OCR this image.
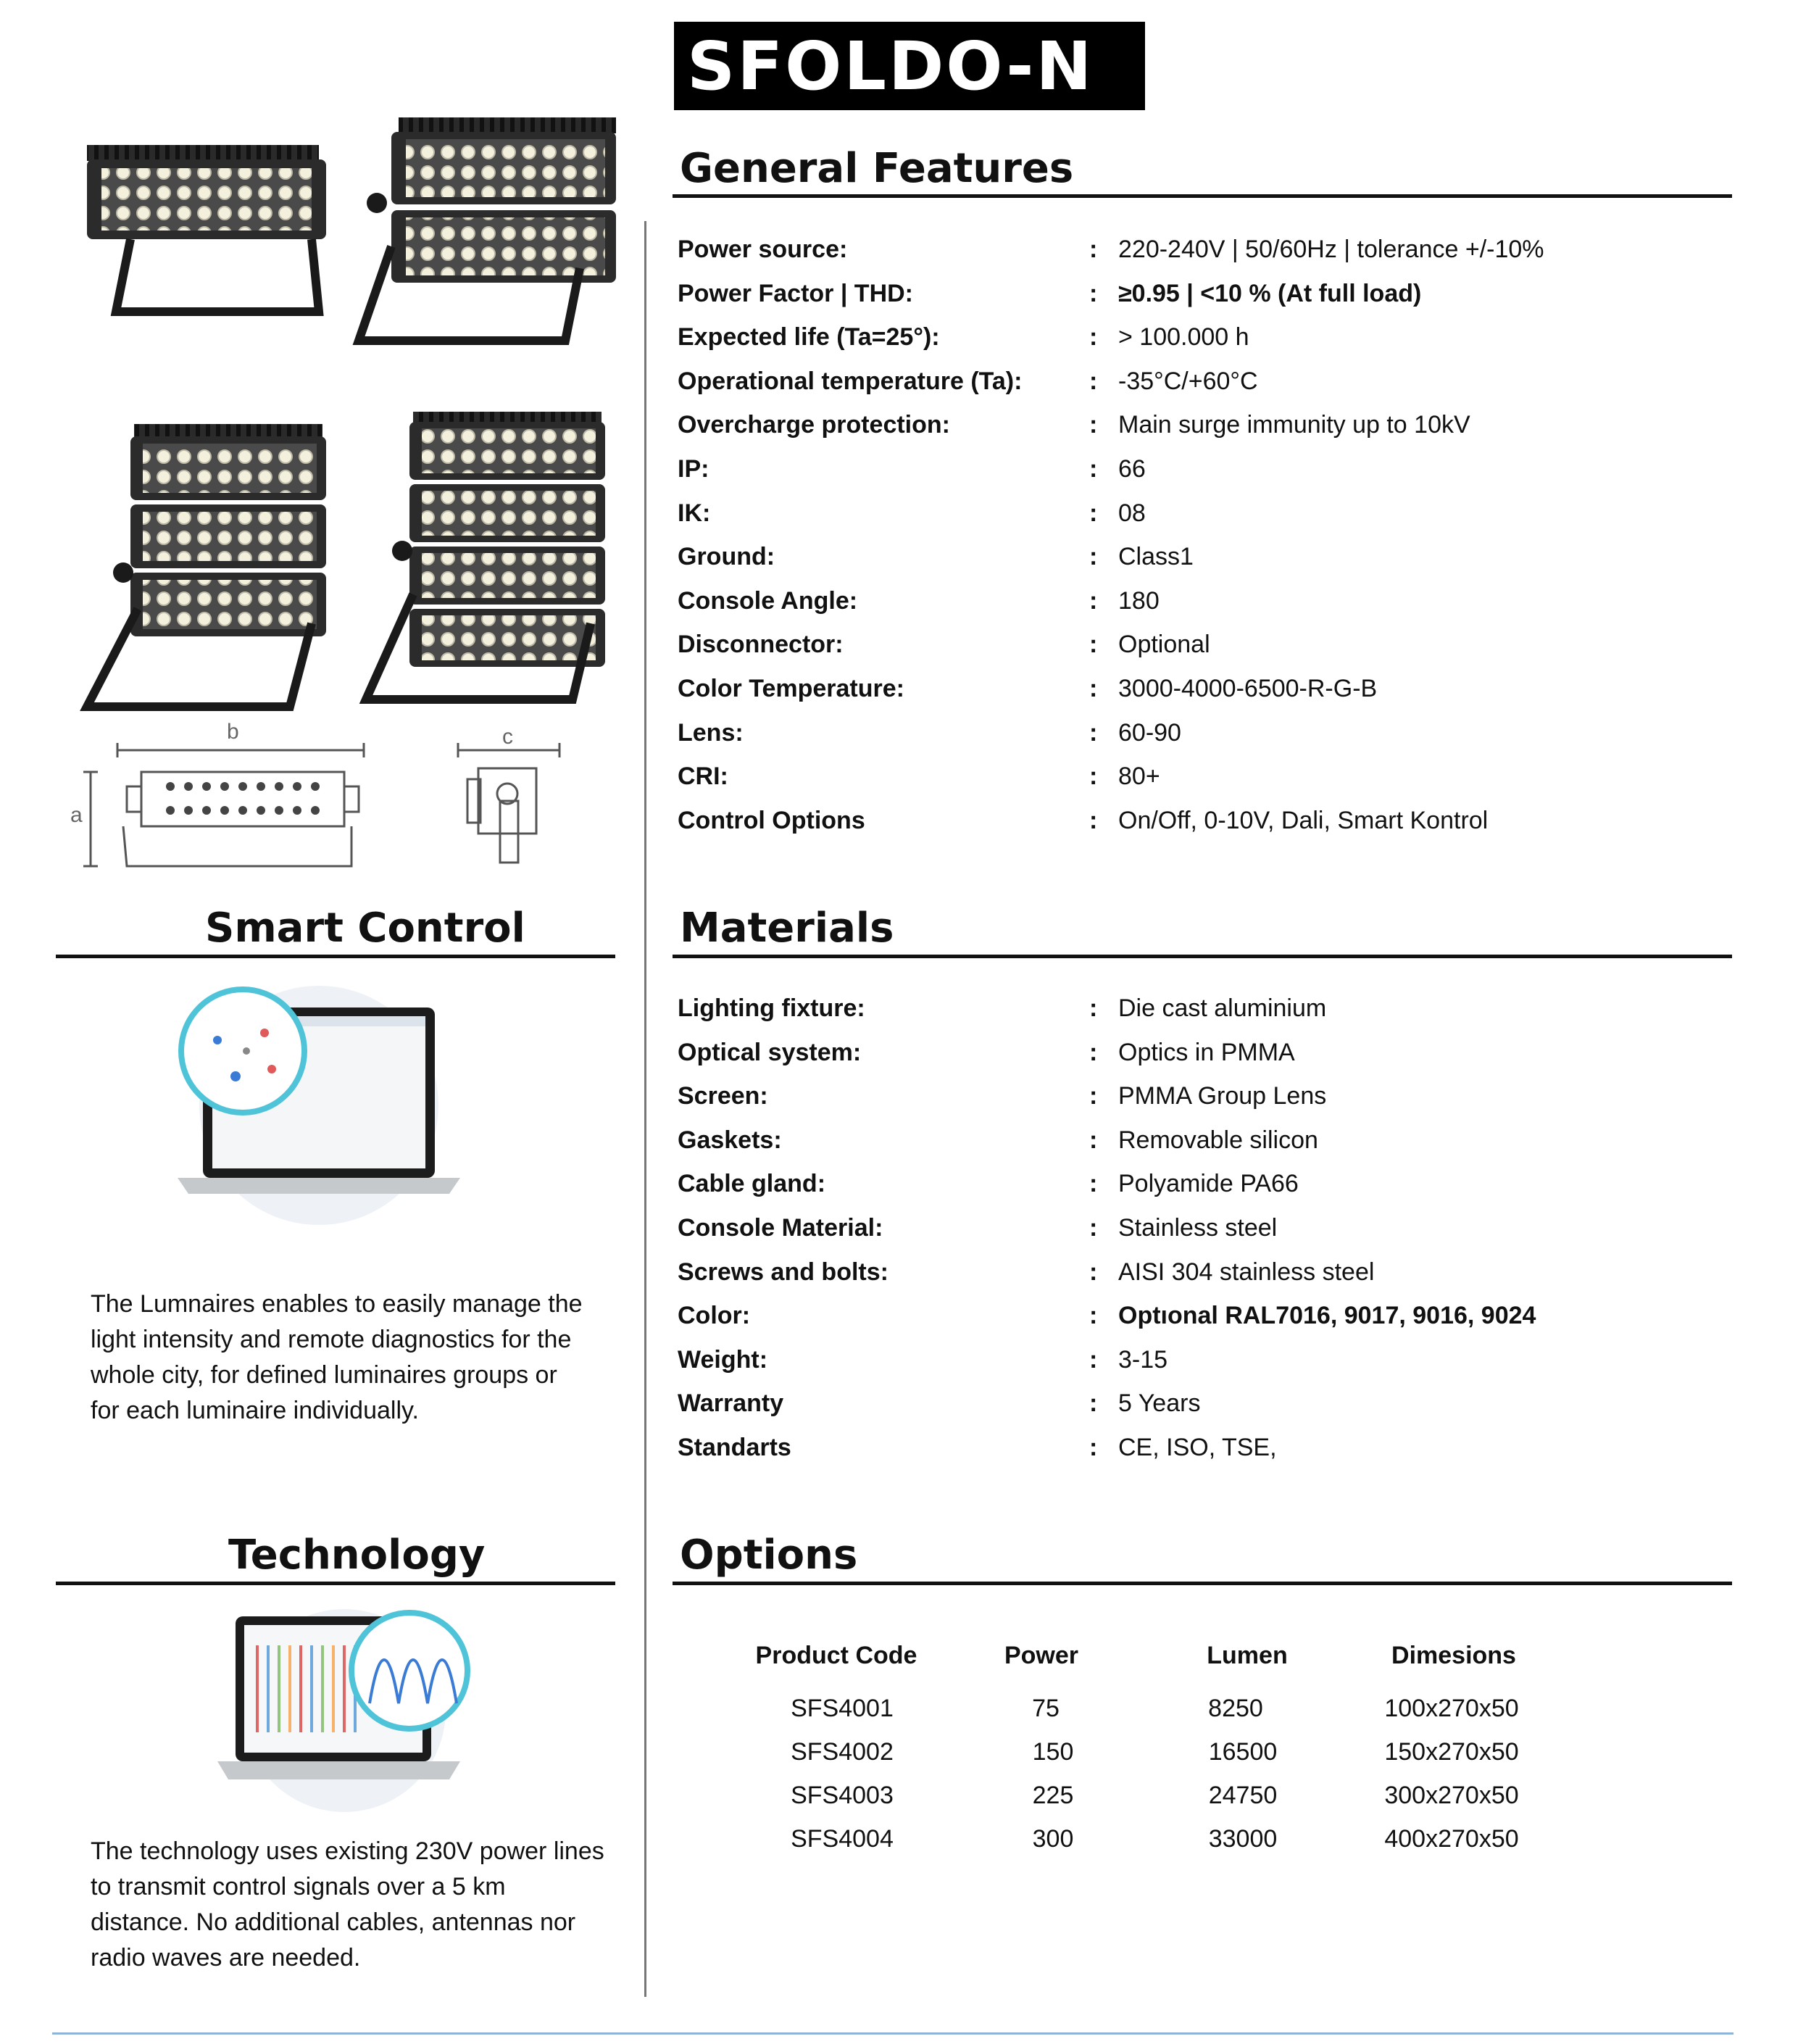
SFOLDO-N
b	c
a
General Features
Power source:	: 220-240V | 50/60Hz | tolerance +/-10%
Power Factor | THD:	: ≥0.95 | <10 % (At full load)
Expected life (Ta=25°):	: > 100.000 h
Operational temperature (Ta):	: -35°C/+60°C
Overcharge protection:	: Main surge immunity up to 10kV
IP:	: 66
IK:	: 08
Ground:	: Class1
Console Angle:	: 180
Disconnector:	: Optional
Color Temperature:	: 3000-4000-6500-R-G-B
Lens:	: 60-90
CRI:	: 80+
Control Options	: On/Off, 0-10V, Dali, Smart Kontrol
Materials
Lighting fixture:	: Die cast aluminium
Optical system:	: Optics in PMMA
Screen:	: PMMA Group Lens
Gaskets:	: Removable silicon
Cable gland:	: Polyamide PA66
Console Material:	: Stainless steel
Screws and bolts:	: AISI 304 stainless steel
Color:	: Optıonal RAL7016, 9017, 9016, 9024
Weight:	: 3-15
Warranty	: 5 Years
Standarts	: CE, ISO, TSE,
Options
Product Code	Power	Lumen	Dimesions
SFS4001	75	8250	100x270x50
SFS4002	150	16500	150x270x50
SFS4003	225	24750	300x270x50
SFS4004	300	33000	400x270x50
Smart Control
The Lumnaires enables to easily manage the
light intensity and remote diagnostics for the
whole city, for defined luminaires groups or
for each luminaire individually.
Technology
The technology uses existing 230V power lines
to transmit control signals over a 5 km
distance. No additional cables, antennas nor
radio waves are needed.
